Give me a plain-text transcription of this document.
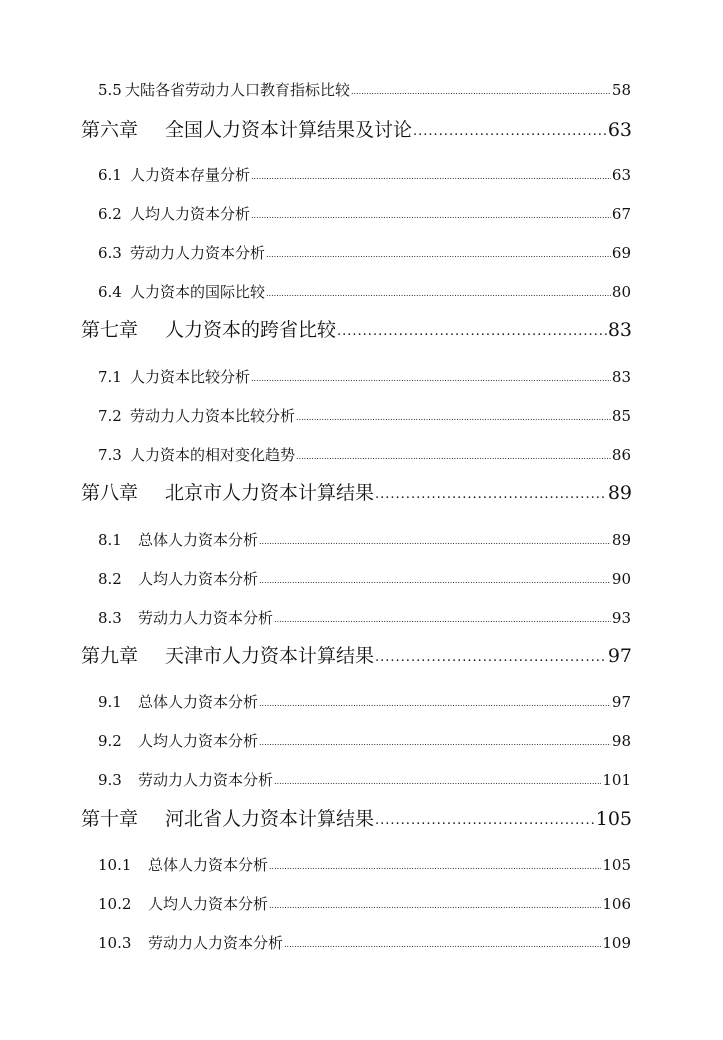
5.5 大陆各省劳动力人口教育指标比较 .....	58
第六章	全国人力资本计算结果及讨论 .....	63
6.1 人力资本存量分析 .....	63
6.2 人均人力资本分析 .....	67
6.3 劳动力人力资本分析 .....	69
6.4 人力资本的国际比较 .....	80
第七章	人力资本的跨省比较 .....	83
7.1 人力资本比较分析 .....	83
7.2 劳动力人力资本比较分析 .....	85
7.3 人力资本的相对变化趋势 .....	86
第八章	北京市人力资本计算结果 .....	89
8.1	总体人力资本分析 .....	89
8.2	人均人力资本分析 .....	90
8.3	劳动力人力资本分析 .....	93
第九章	天津市人力资本计算结果 .....	97
9.1	总体人力资本分析 .....	97
9.2	人均人力资本分析 .....	98
9.3	劳动力人力资本分析 .....	101
第十章	河北省人力资本计算结果 .....	105
10.1	总体人力资本分析 .....	105
10.2	人均人力资本分析 .....	106
10.3	劳动力人力资本分析 .....	109
